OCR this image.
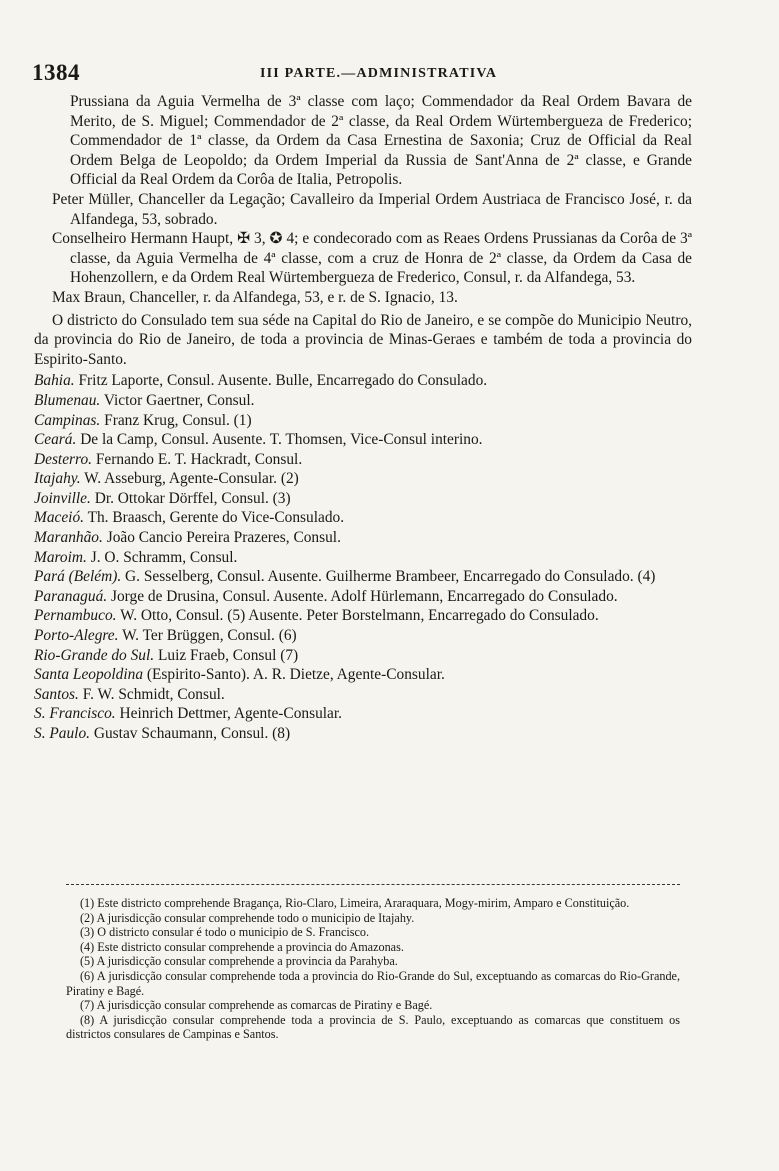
1384	III PARTE.—ADMINISTRATIVA
Prussiana da Aguia Vermelha de 3ª classe com laço; Commendador da Real Ordem Bavara de Merito, de S. Miguel; Commendador de 2ª classe, da Real Ordem Würtembergueza de Frederico; Commendador de 1ª classe, da Ordem da Casa Ernestina de Saxonia; Cruz de Official da Real Ordem Belga de Leopoldo; da Ordem Imperial da Russia de Sant'Anna de 2ª classe, e Grande Official da Real Ordem da Corôa de Italia, Petropolis.
Peter Müller, Chanceller da Legação; Cavalleiro da Imperial Ordem Austriaca de Francisco José, r. da Alfandega, 53, sobrado.
Conselheiro Hermann Haupt, ✠ 3, ✪ 4; e condecorado com as Reaes Ordens Prussianas da Corôa de 3ª classe, da Aguia Vermelha de 4ª classe, com a cruz de Honra de 2ª classe, da Ordem da Casa de Hohenzollern, e da Ordem Real Würtembergueza de Frederico, Consul, r. da Alfandega, 53.
Max Braun, Chanceller, r. da Alfandega, 53, e r. de S. Ignacio, 13.
O districto do Consulado tem sua séde na Capital do Rio de Janeiro, e se compõe do Municipio Neutro, da provincia do Rio de Janeiro, de toda a provincia de Minas-Geraes e também de toda a provincia do Espirito-Santo.
Bahia. Fritz Laporte, Consul. Ausente. Bulle, Encarregado do Consulado.
Blumenau. Victor Gaertner, Consul.
Campinas. Franz Krug, Consul. (1)
Ceará. De la Camp, Consul. Ausente. T. Thomsen, Vice-Consul interino.
Desterro. Fernando E. T. Hackradt, Consul.
Itajahy. W. Asseburg, Agente-Consular. (2)
Joinville. Dr. Ottokar Dörffel, Consul. (3)
Maceió. Th. Braasch, Gerente do Vice-Consulado.
Maranhão. João Cancio Pereira Prazeres, Consul.
Maroim. J. O. Schramm, Consul.
Pará (Belém). G. Sesselberg, Consul. Ausente. Guilherme Brambeer, Encarregado do Consulado. (4)
Paranaguá. Jorge de Drusina, Consul. Ausente. Adolf Hürlemann, Encarregado do Consulado.
Pernambuco. W. Otto, Consul. (5) Ausente. Peter Borstelmann, Encarregado do Consulado.
Porto-Alegre. W. Ter Brüggen, Consul. (6)
Rio-Grande do Sul. Luiz Fraeb, Consul (7)
Santa Leopoldina (Espirito-Santo). A. R. Dietze, Agente-Consular.
Santos. F. W. Schmidt, Consul.
S. Francisco. Heinrich Dettmer, Agente-Consular.
S. Paulo. Gustav Schaumann, Consul. (8)
(1) Este districto comprehende Bragança, Rio-Claro, Limeira, Araraquara, Mogy-mirim, Amparo e Constituição.
(2) A jurisdicção consular comprehende todo o municipio de Itajahy.
(3) O districto consular é todo o municipio de S. Francisco.
(4) Este districto consular comprehende a provincia do Amazonas.
(5) A jurisdicção consular comprehende a provincia da Parahyba.
(6) A jurisdicção consular comprehende toda a provincia do Rio-Grande do Sul, exceptuando as comarcas do Rio-Grande, Piratiny e Bagé.
(7) A jurisdicção consular comprehende as comarcas de Piratiny e Bagé.
(8) A jurisdicção consular comprehende toda a provincia de S. Paulo, exceptuando as comarcas que constituem os districtos consulares de Campinas e Santos.
